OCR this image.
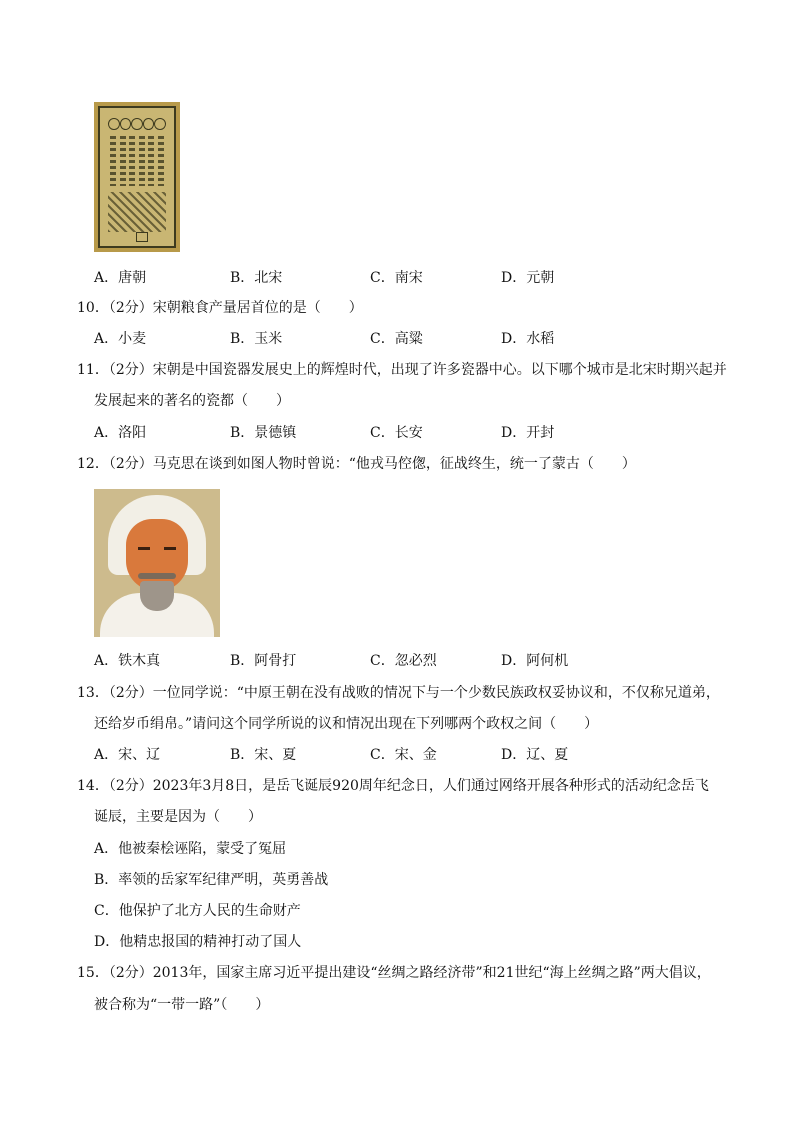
A．唐朝	B．北宋	C．南宋	D．元朝
10．（2分）宋朝粮食产量居首位的是（　　）
A．小麦	B．玉米	C．高粱	D．水稻
11．（2分）宋朝是中国瓷器发展史上的辉煌时代，出现了许多瓷器中心。以下哪个城市是北宋时期兴起并
发展起来的著名的瓷都（　　）
A．洛阳	B．景德镇	C．长安	D．开封
12．（2分）马克思在谈到如图人物时曾说：“他戎马倥偬，征战终生，统一了蒙古（　　）
A．铁木真	B．阿骨打	C．忽必烈	D．阿何机
13．（2分）一位同学说：“中原王朝在没有战败的情况下与一个少数民族政权妥协议和，不仅称兄道弟，
还给岁币绢帛。”请问这个同学所说的议和情况出现在下列哪两个政权之间（　　）
A．宋、辽	B．宋、夏	C．宋、金	D．辽、夏
14．（2分）2023年3月8日，是岳飞诞辰920周年纪念日，人们通过网络开展各种形式的活动纪念岳飞
诞辰，主要是因为（　　）
A．他被秦桧诬陷，蒙受了冤屈
B．率领的岳家军纪律严明，英勇善战
C．他保护了北方人民的生命财产
D．他精忠报国的精神打动了国人
15．（2分）2013年，国家主席习近平提出建设“丝绸之路经济带”和21世纪“海上丝绸之路”两大倡议，
被合称为“一带一路”（　　）
